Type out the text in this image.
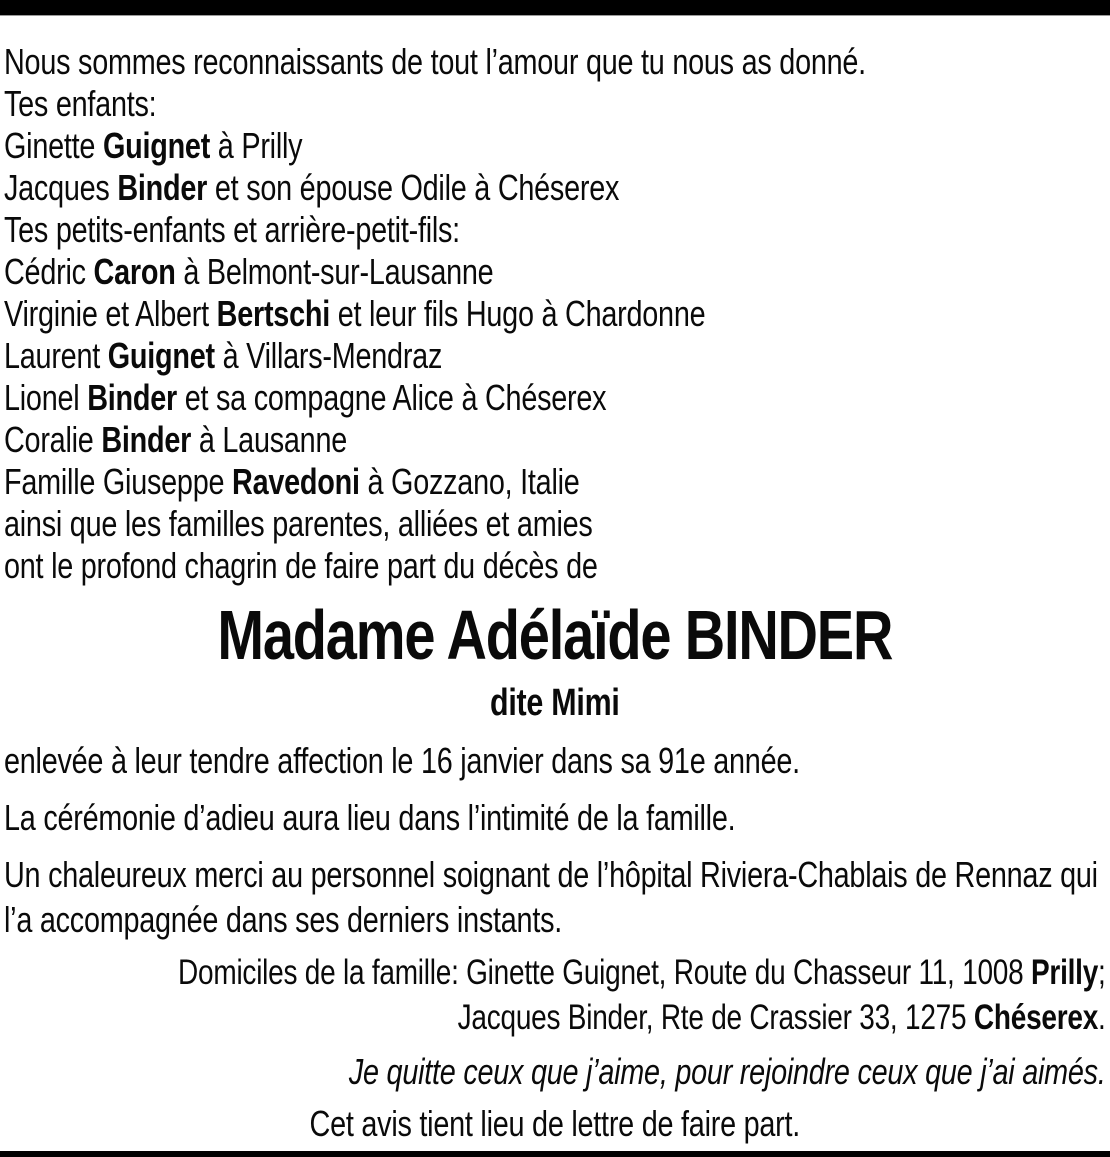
Nous sommes reconnaissants de tout l’amour que tu nous as donné.
Tes enfants:
Ginette Guignet à Prilly
Jacques Binder et son épouse Odile à Chéserex
Tes petits-enfants et arrière-petit-fils:
Cédric Caron à Belmont-sur-Lausanne
Virginie et Albert Bertschi et leur fils Hugo à Chardonne
Laurent Guignet à Villars-Mendraz
Lionel Binder et sa compagne Alice à Chéserex
Coralie Binder à Lausanne
Famille Giuseppe Ravedoni à Gozzano, Italie
ainsi que les familles parentes, alliées et amies
ont le profond chagrin de faire part du décès de
Madame Adélaïde BINDER
dite Mimi

enlevée à leur tendre affection le 16 janvier dans sa 91e année.

La cérémonie d’adieu aura lieu dans l’intimité de la famille.

Un chaleureux merci au personnel soignant de l’hôpital Riviera-Chablais de Rennaz qui l’a accompagnée dans ses derniers instants.

Domiciles de la famille: Ginette Guignet, Route du Chasseur 11, 1008 Prilly;
Jacques Binder, Rte de Crassier 33, 1275 Chéserex.

Je quitte ceux que j’aime, pour rejoindre ceux que j’ai aimés.

Cet avis tient lieu de lettre de faire part.
